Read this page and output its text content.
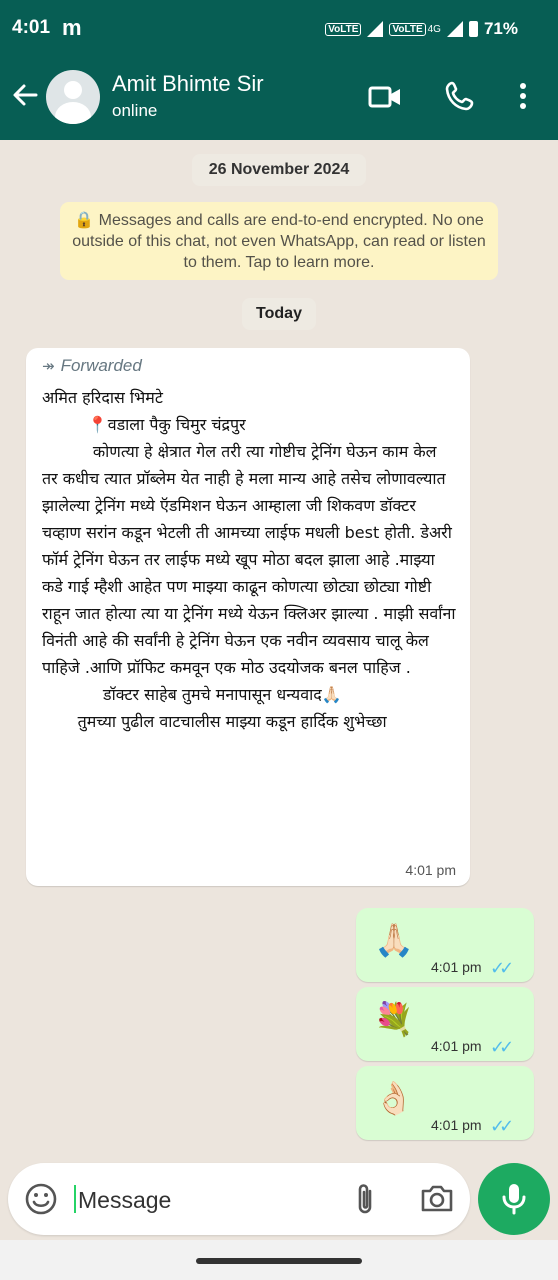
4:01 m	VoLTE	VoLTE 4G	71%
Amit Bhimte Sir
online
26 November 2024
🔒 Messages and calls are end-to-end encrypted. No one outside of this chat, not even WhatsApp, can read or listen to them. Tap to learn more.
Today
↠ Forwarded
अमित हरिदास भिमटे
📍वडाला पैकु चिमुर चंद्रपुर
कोणत्या हे क्षेत्रात गेल तरी त्या गोष्टीच ट्रेनिंग घेऊन काम केल तर कधीच त्यात प्रॉब्लेम येत नाही हे मला मान्य आहे तसेच लोणावल्यात झालेल्या ट्रेनिंग मध्ये ऍडमिशन घेऊन आम्हाला जी शिकवण डॉक्टर चव्हाण सरांन कडून भेटली ती आमच्या लाईफ मधली best होती. डेअरी फॉर्म ट्रेनिंग घेऊन तर लाईफ मध्ये खूप मोठा बदल झाला आहे .माझ्या कडे गाई म्हैशी आहेत पण माझ्या काढून कोणत्या छोट्या छोट्या गोष्टी राहून जात होत्या त्या या ट्रेनिंग मध्ये येऊन क्लिअर झाल्या . माझी सर्वांना विनंती आहे की सर्वांनी हे ट्रेनिंग घेऊन एक नवीन व्यवसाय चालू केल पाहिजे .आणि प्रॉफिट कमवून एक मोठ उदयोजक बनल पाहिज .
डॉक्टर साहेब तुमचे मनापासून धन्यवाद🙏🏻
तुमच्या पुढील वाटचालीस माझ्या कडून हार्दिक शुभेच्छा
4:01 pm
🙏🏻
4:01 pm ✓✓
💐
4:01 pm ✓✓
👌🏻
4:01 pm ✓✓
Message
